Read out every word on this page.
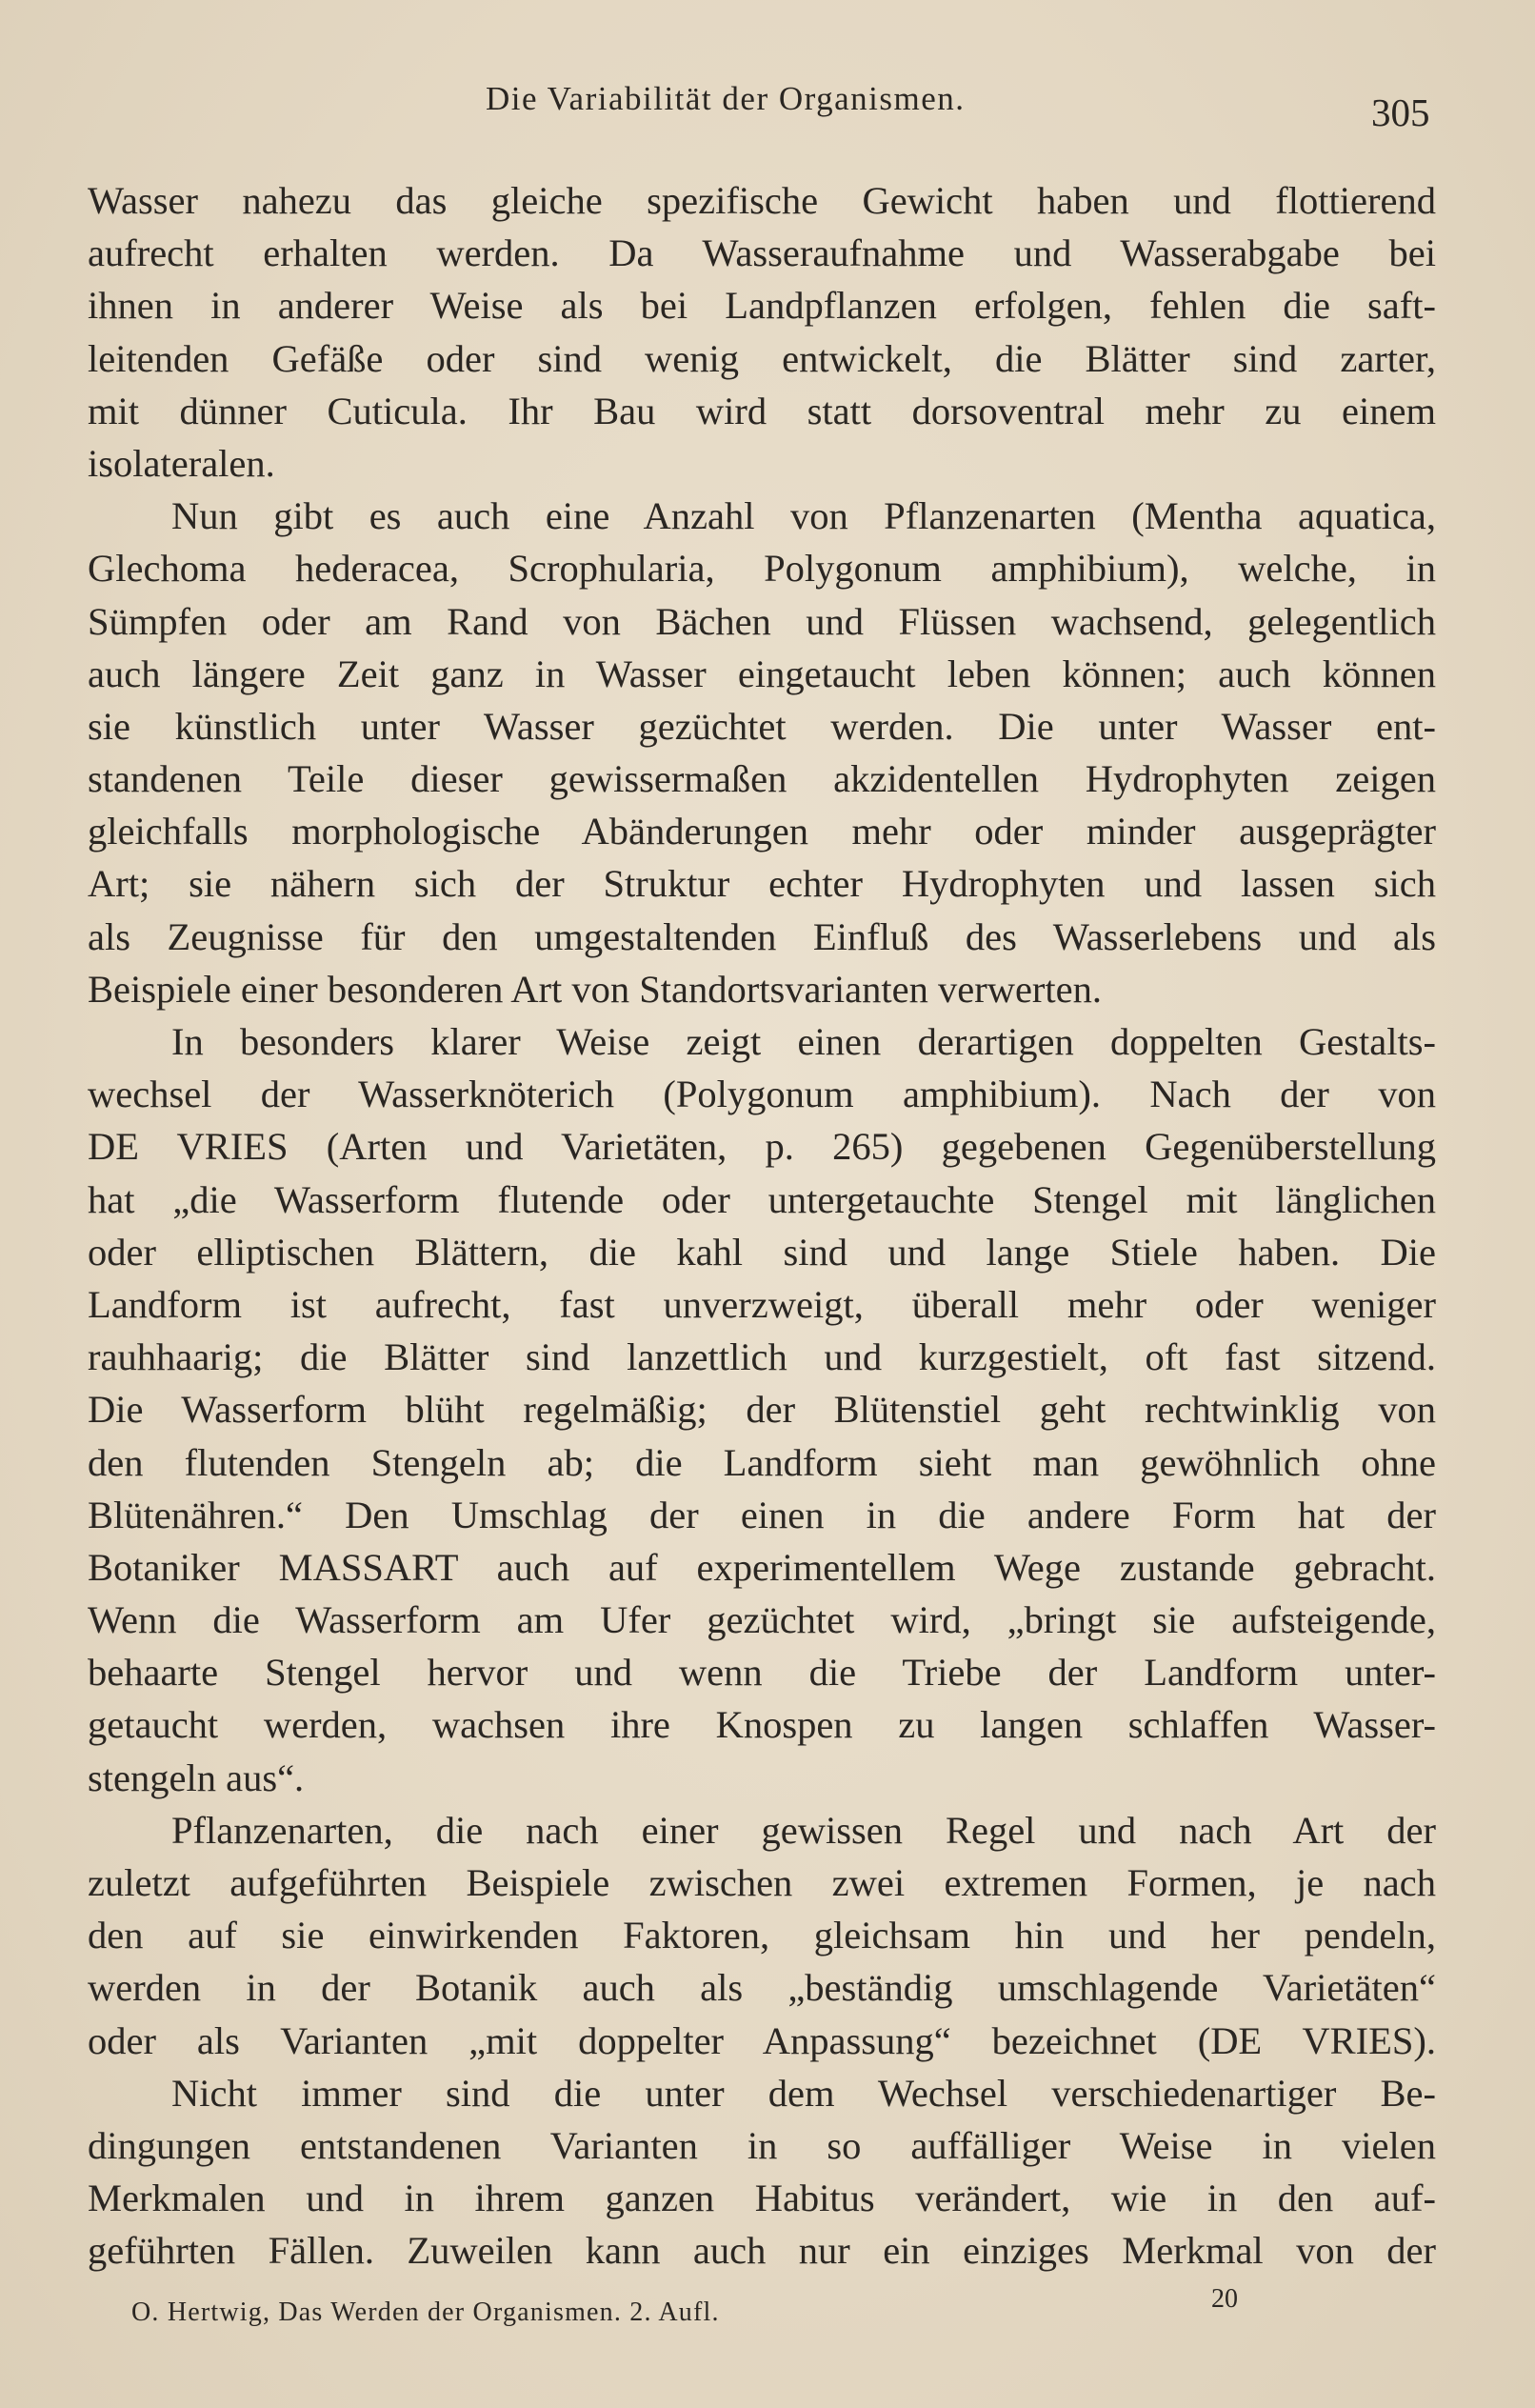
Die Variabilität der Organismen.	305
Wasser nahezu das gleiche spezifische Gewicht haben und flottierend
aufrecht erhalten werden. Da Wasseraufnahme und Wasserabgabe bei
ihnen in anderer Weise als bei Landpflanzen erfolgen, fehlen die saft-
leitenden Gefäße oder sind wenig entwickelt, die Blätter sind zarter,
mit dünner Cuticula. Ihr Bau wird statt dorsoventral mehr zu einem
isolateralen.
Nun gibt es auch eine Anzahl von Pflanzenarten (Mentha aquatica,
Glechoma hederacea, Scrophularia, Polygonum amphibium), welche, in
Sümpfen oder am Rand von Bächen und Flüssen wachsend, gelegentlich
auch längere Zeit ganz in Wasser eingetaucht leben können; auch können
sie künstlich unter Wasser gezüchtet werden. Die unter Wasser ent-
standenen Teile dieser gewissermaßen akzidentellen Hydrophyten zeigen
gleichfalls morphologische Abänderungen mehr oder minder ausgeprägter
Art; sie nähern sich der Struktur echter Hydrophyten und lassen sich
als Zeugnisse für den umgestaltenden Einfluß des Wasserlebens und als
Beispiele einer besonderen Art von Standortsvarianten verwerten.
In besonders klarer Weise zeigt einen derartigen doppelten Gestalts-
wechsel der Wasserknöterich (Polygonum amphibium). Nach der von
DE VRIES (Arten und Varietäten, p. 265) gegebenen Gegenüberstellung
hat „die Wasserform flutende oder untergetauchte Stengel mit länglichen
oder elliptischen Blättern, die kahl sind und lange Stiele haben. Die
Landform ist aufrecht, fast unverzweigt, überall mehr oder weniger
rauhhaarig; die Blätter sind lanzettlich und kurzgestielt, oft fast sitzend.
Die Wasserform blüht regelmäßig; der Blütenstiel geht rechtwinklig von
den flutenden Stengeln ab; die Landform sieht man gewöhnlich ohne
Blütenähren.“ Den Umschlag der einen in die andere Form hat der
Botaniker MASSART auch auf experimentellem Wege zustande gebracht.
Wenn die Wasserform am Ufer gezüchtet wird, „bringt sie aufsteigende,
behaarte Stengel hervor und wenn die Triebe der Landform unter-
getaucht werden, wachsen ihre Knospen zu langen schlaffen Wasser-
stengeln aus“.
Pflanzenarten, die nach einer gewissen Regel und nach Art der
zuletzt aufgeführten Beispiele zwischen zwei extremen Formen, je nach
den auf sie einwirkenden Faktoren, gleichsam hin und her pendeln,
werden in der Botanik auch als „beständig umschlagende Varietäten“
oder als Varianten „mit doppelter Anpassung“ bezeichnet (DE VRIES).
Nicht immer sind die unter dem Wechsel verschiedenartiger Be-
dingungen entstandenen Varianten in so auffälliger Weise in vielen
Merkmalen und in ihrem ganzen Habitus verändert, wie in den auf-
geführten Fällen. Zuweilen kann auch nur ein einziges Merkmal von der
O. Hertwig, Das Werden der Organismen. 2. Aufl.	20
